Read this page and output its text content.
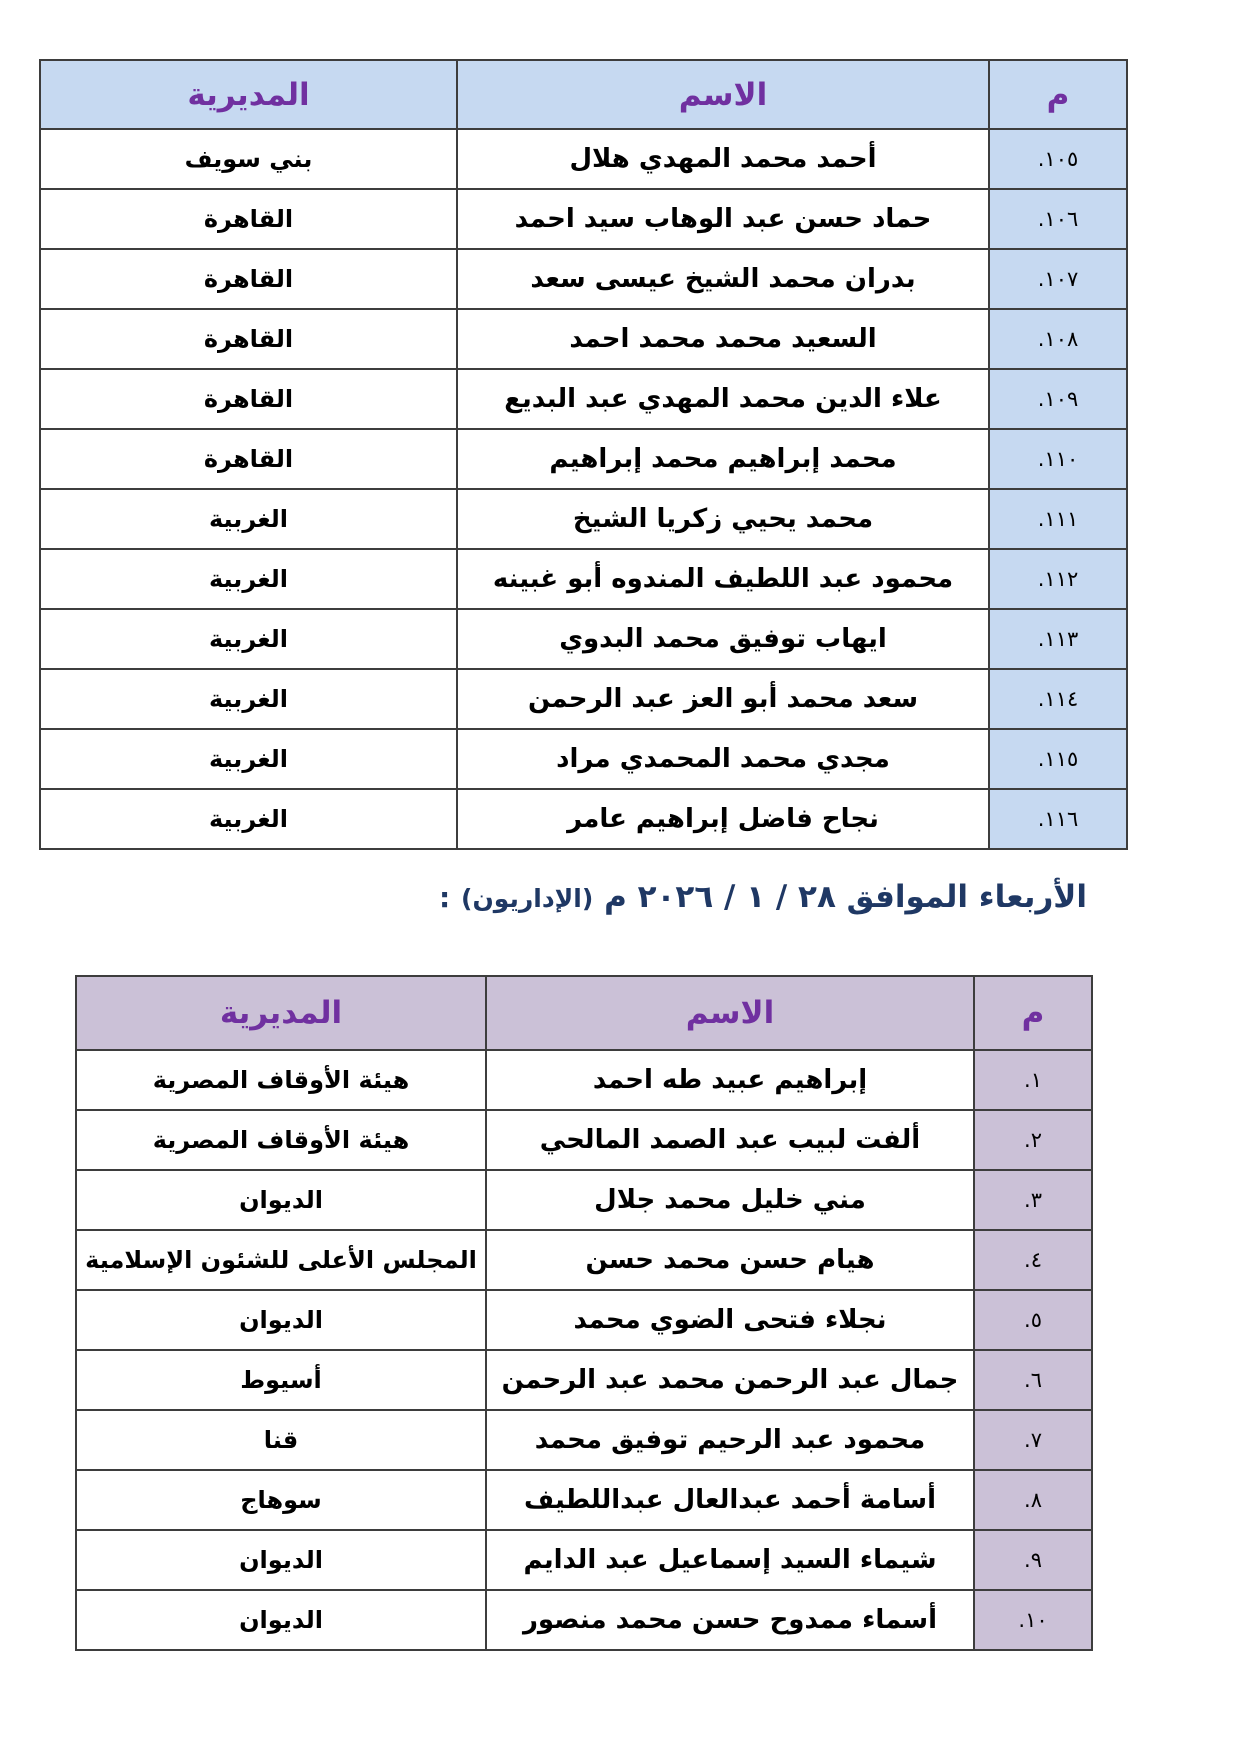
م	الاسم	المديرية
١٠٥.	أحمد محمد المهدي هلال	بني سويف
١٠٦.	حماد حسن عبد الوهاب سيد احمد	القاهرة
١٠٧.	بدران محمد الشيخ عيسى سعد	القاهرة
١٠٨.	السعيد محمد محمد احمد	القاهرة
١٠٩.	علاء الدين محمد المهدي عبد البديع	القاهرة
١١٠.	محمد إبراهيم محمد إبراهيم	القاهرة
١١١.	محمد يحيي زكريا الشيخ	الغربية
١١٢.	محمود عبد اللطيف المندوه أبو غبينه	الغربية
١١٣.	ايهاب توفيق محمد البدوي	الغربية
١١٤.	سعد محمد أبو العز عبد الرحمن	الغربية
١١٥.	مجدي محمد المحمدي مراد	الغربية
١١٦.	نجاح فاضل إبراهيم عامر	الغربية
الأربعاء الموافق ٢٨ / ١ / ٢٠٢٦ م (الإداريون) :
م	الاسم	المديرية
١.	إبراهيم عبيد طه احمد	هيئة الأوقاف المصرية
٢.	ألفت لبيب عبد الصمد المالحي	هيئة الأوقاف المصرية
٣.	مني خليل محمد جلال	الديوان
٤.	هيام حسن محمد حسن	المجلس الأعلى للشئون الإسلامية
٥.	نجلاء فتحى الضوي محمد	الديوان
٦.	جمال عبد الرحمن محمد عبد الرحمن	أسيوط
٧.	محمود عبد الرحيم توفيق محمد	قنا
٨.	أسامة أحمد عبدالعال عبداللطيف	سوهاج
٩.	شيماء السيد إسماعيل عبد الدايم	الديوان
١٠.	أسماء ممدوح حسن محمد منصور	الديوان
